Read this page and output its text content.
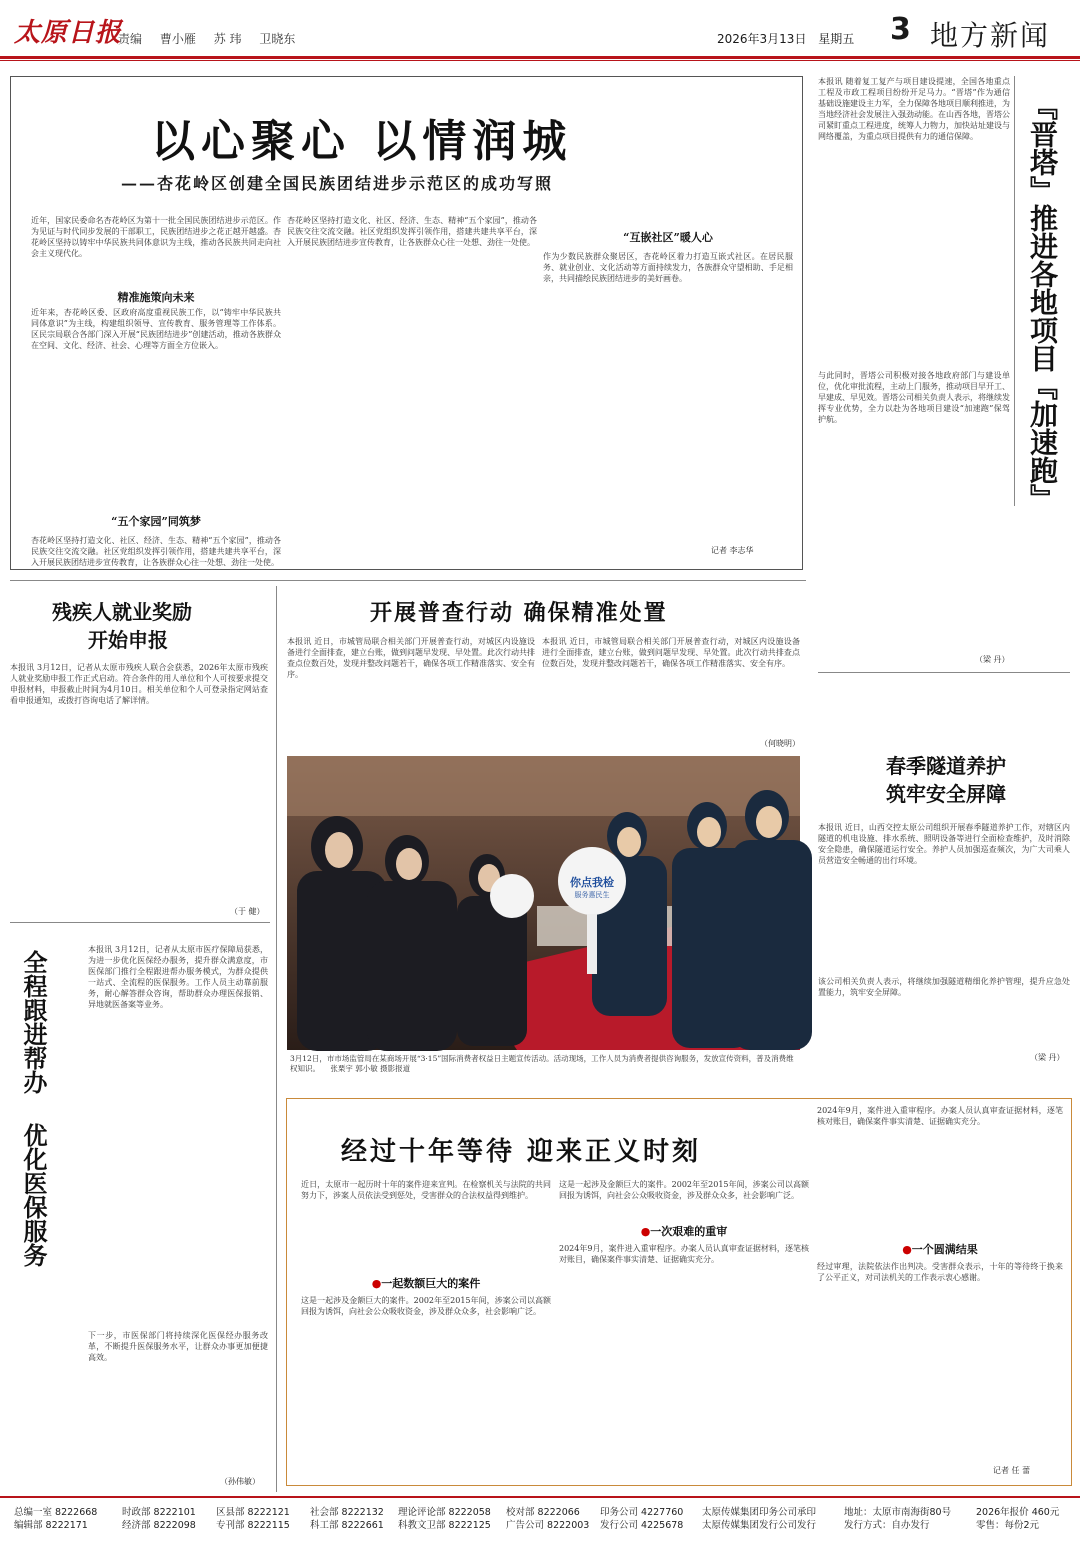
太原日报
责编 曹小雁 苏 玮 卫晓东	2026年3月13日 星期五 3 地方新闻
以心聚心 以情润城
——杏花岭区创建全国民族团结进步示范区的成功写照
近年，国家民委命名杏花岭区为第十一批全国民族团结进步示范区。作为见证与时代同步发展的干部职工，民族团结进步之花正越开越盛。杏花岭区坚持以铸牢中华民族共同体意识为主线，推动各民族共同走向社会主义现代化。
精准施策向未来
近年来，杏花岭区委、区政府高度重视民族工作，以“铸牢中华民族共同体意识”为主线，构建组织领导、宣传教育、服务管理等工作体系。区民宗局联合各部门深入开展“民族团结进步”创建活动，推动各族群众在空间、文化、经济、社会、心理等方面全方位嵌入。
“五个家园”同筑梦
杏花岭区坚持打造文化、社区、经济、生态、精神“五个家园”，推动各民族交往交流交融。社区党组织发挥引领作用，搭建共建共享平台，深入开展民族团结进步宣传教育，让各族群众心往一处想、劲往一处使。
杏花岭区坚持打造文化、社区、经济、生态、精神“五个家园”，推动各民族交往交流交融。社区党组织发挥引领作用，搭建共建共享平台，深入开展民族团结进步宣传教育，让各族群众心往一处想、劲往一处使。	“互嵌社区”暖人心
作为少数民族群众聚居区，杏花岭区着力打造互嵌式社区。在居民服务、就业创业、文化活动等方面持续发力，各族群众守望相助、手足相亲，共同描绘民族团结进步的美好画卷。
记者 李志华
本报讯 随着复工复产与项目建设提速，全国各地重点工程及市政工程项目纷纷开足马力。“晋塔”作为通信基础设施建设主力军，全力保障各地项目顺利推进，为当地经济社会发展注入强劲动能。在山西各地，晋塔公司紧盯重点工程进度，统筹人力物力，加快站址建设与网络覆盖，为重点项目提供有力的通信保障。
与此同时，晋塔公司积极对接各地政府部门与建设单位，优化审批流程，主动上门服务，推动项目早开工、早建成、早见效。晋塔公司相关负责人表示，将继续发挥专业优势，全力以赴为各地项目建设“加速跑”保驾护航。
（梁 丹）
『晋塔』推进各地项目『加速跑』
春季隧道养护
筑牢安全屏障
本报讯 近日，山西交控太原公司组织开展春季隧道养护工作，对辖区内隧道的机电设施、排水系统、照明设备等进行全面检查维护，及时消除安全隐患，确保隧道运行安全。养护人员加强巡查频次，为广大司乘人员营造安全畅通的出行环境。
该公司相关负责人表示，将继续加强隧道精细化养护管理，提升应急处置能力，筑牢安全屏障。
（梁 丹）
残疾人就业奖励
开始申报
本报讯 3月12日，记者从太原市残疾人联合会获悉，2026年太原市残疾人就业奖励申报工作正式启动。符合条件的用人单位和个人可按要求提交申报材料，申报截止时间为4月10日。相关单位和个人可登录指定网站查看申报通知，或拨打咨询电话了解详情。
（于 健）
全程跟进帮办 优化医保服务
本报讯 3月12日，记者从太原市医疗保障局获悉，为进一步优化医保经办服务，提升群众满意度，市医保部门推行全程跟进帮办服务模式，为群众提供一站式、全流程的医保服务。工作人员主动靠前服务，耐心解答群众咨询，帮助群众办理医保报销、异地就医备案等业务。
下一步，市医保部门将持续深化医保经办服务改革，不断提升医保服务水平，让群众办事更加便捷高效。
（孙伟敏）
开展普查行动 确保精准处置
本报讯 近日，市城管局联合相关部门开展普查行动，对城区内设施设备进行全面排查，建立台账，做到问题早发现、早处置。此次行动共排查点位数百处，发现并整改问题若干，确保各项工作精准落实、安全有序。
本报讯 近日，市城管局联合相关部门开展普查行动，对城区内设施设备进行全面排查，建立台账，做到问题早发现、早处置。此次行动共排查点位数百处，发现并整改问题若干，确保各项工作精准落实、安全有序。
（何晓明）
你点我检
服务惠民生
3月12日，市市场监管局在某商场开展“3·15”国际消费者权益日主题宣传活动。活动现场，工作人员为消费者提供咨询服务，发放宣传资料，普及消费维权知识。 张栗宇 郭小敏 摄影报道
经过十年等待 迎来正义时刻
近日，太原市一起历时十年的案件迎来宣判。在检察机关与法院的共同努力下，涉案人员依法受到惩处，受害群众的合法权益得到维护。
●一起数额巨大的案件
这是一起涉及金额巨大的案件。2002年至2015年间，涉案公司以高额回报为诱饵，向社会公众吸收资金，涉及群众众多，社会影响广泛。
这是一起涉及金额巨大的案件。2002年至2015年间，涉案公司以高额回报为诱饵，向社会公众吸收资金，涉及群众众多，社会影响广泛。
●一次艰难的重审
2024年9月，案件进入重审程序。办案人员认真审查证据材料，逐笔核对账目，确保案件事实清楚、证据确实充分。
2024年9月，案件进入重审程序。办案人员认真审查证据材料，逐笔核对账目，确保案件事实清楚、证据确实充分。
●一个圆满结果
经过审理，法院依法作出判决。受害群众表示，十年的等待终于换来了公平正义，对司法机关的工作表示衷心感谢。
记者 任 蕾
总编一室 8222668
编辑部 8222171
时政部 8222101
经济部 8222098
区县部 8222121
专刊部 8222115
社会部 8222132
科工部 8222661
理论评论部 8222058
科教文卫部 8222125
校对部 8222066
广告公司 8222003
印务公司 4227760
发行公司 4225678
太原传媒集团印务公司承印
太原传媒集团发行公司发行
地址：太原市南海街80号
发行方式：自办发行
2026年报价 460元
零售：每份2元
